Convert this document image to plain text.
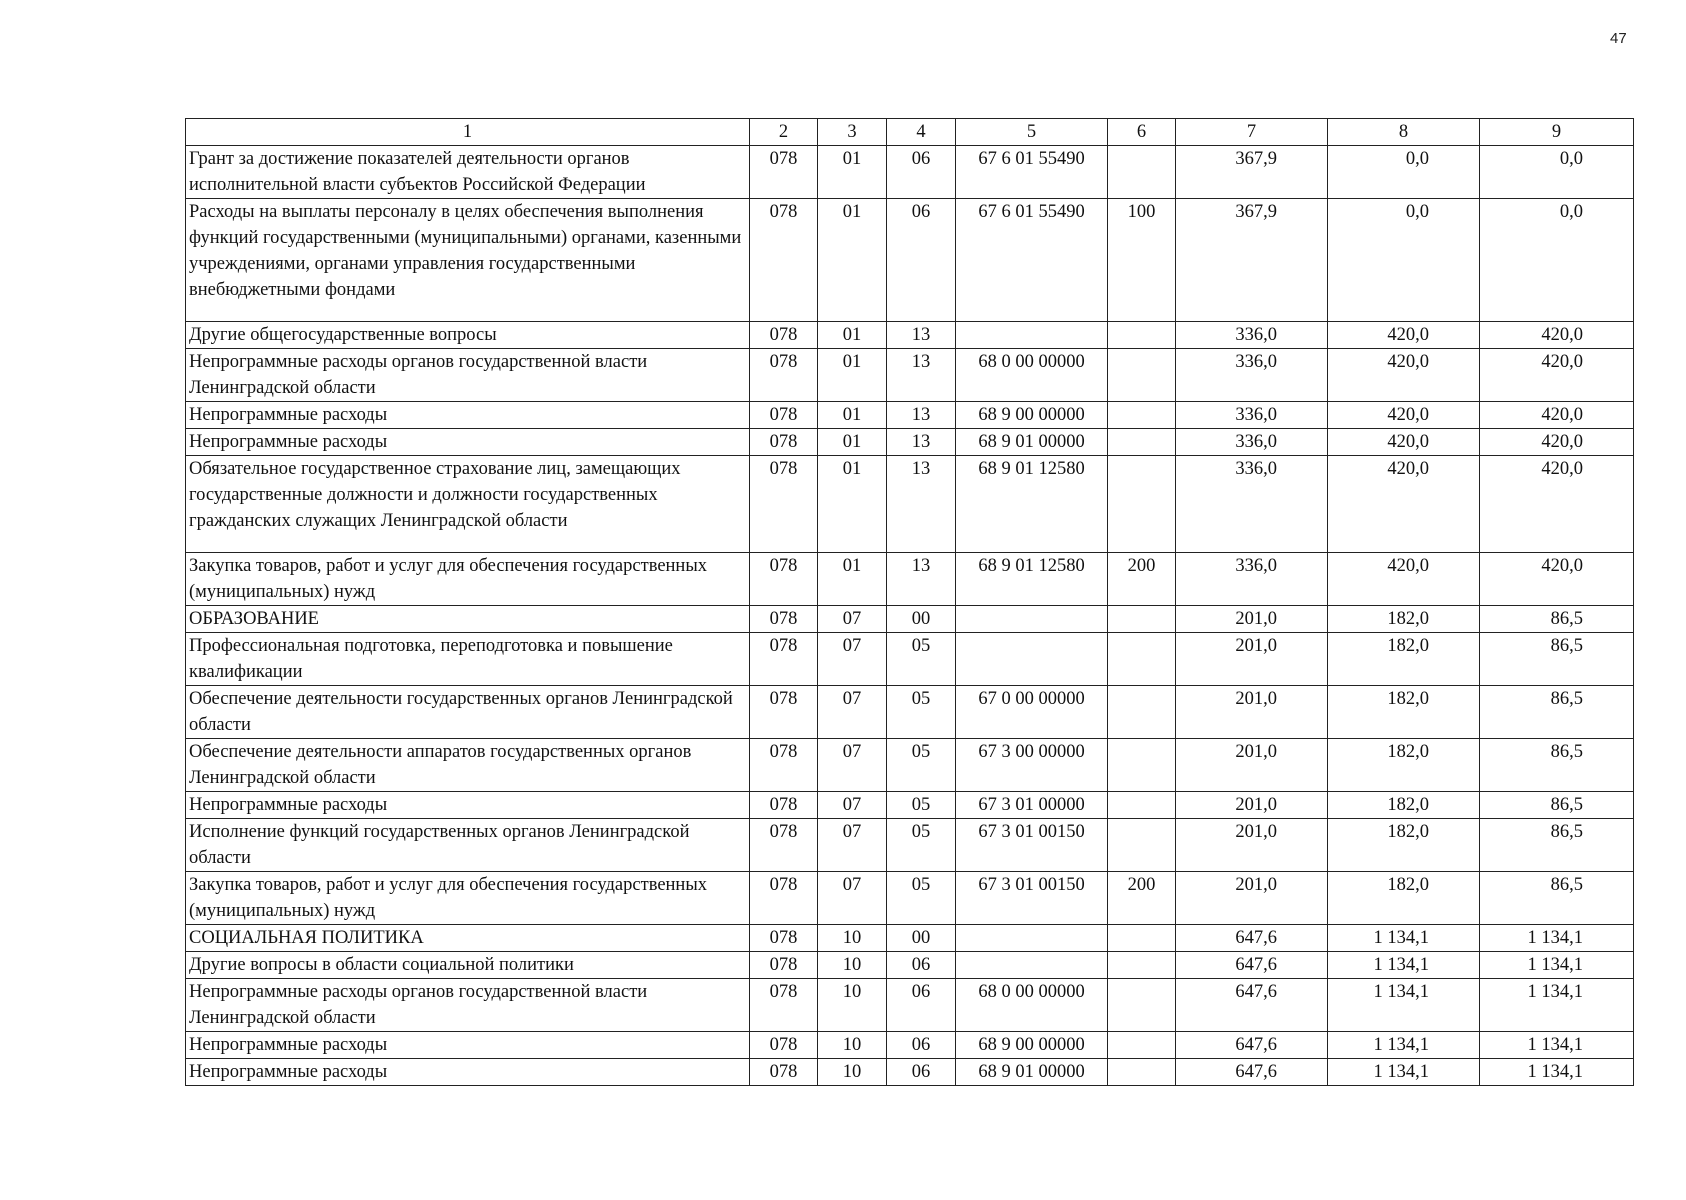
47
1	2	3	4	5	6	7	8	9
Грант за достижение показателей деятельности органов исполнительной власти субъектов Российской Федерации	078	01	06	67 6 01 55490		367,9	0,0	0,0
Расходы на выплаты персоналу в целях обеспечения выполнения функций государственными (муниципальными) органами, казенными учреждениями, органами управления государственными внебюджетными фондами	078	01	06	67 6 01 55490	100	367,9	0,0	0,0
Другие общегосударственные вопросы	078	01	13			336,0	420,0	420,0
Непрограммные расходы органов государственной власти Ленинградской области	078	01	13	68 0 00 00000		336,0	420,0	420,0
Непрограммные расходы	078	01	13	68 9 00 00000		336,0	420,0	420,0
Непрограммные расходы	078	01	13	68 9 01 00000		336,0	420,0	420,0
Обязательное государственное страхование лиц, замещающих государственные должности и должности государственных гражданских служащих Ленинградской области	078	01	13	68 9 01 12580		336,0	420,0	420,0
Закупка товаров, работ и услуг для обеспечения государственных (муниципальных) нужд	078	01	13	68 9 01 12580	200	336,0	420,0	420,0
ОБРАЗОВАНИЕ	078	07	00			201,0	182,0	86,5
Профессиональная подготовка, переподготовка и повышение квалификации	078	07	05			201,0	182,0	86,5
Обеспечение деятельности государственных органов Ленинградской области	078	07	05	67 0 00 00000		201,0	182,0	86,5
Обеспечение деятельности аппаратов государственных органов Ленинградской области	078	07	05	67 3 00 00000		201,0	182,0	86,5
Непрограммные расходы	078	07	05	67 3 01 00000		201,0	182,0	86,5
Исполнение функций государственных органов Ленинградской области	078	07	05	67 3 01 00150		201,0	182,0	86,5
Закупка товаров, работ и услуг для обеспечения государственных (муниципальных) нужд	078	07	05	67 3 01 00150	200	201,0	182,0	86,5
СОЦИАЛЬНАЯ ПОЛИТИКА	078	10	00			647,6	1 134,1	1 134,1
Другие вопросы в области социальной политики	078	10	06			647,6	1 134,1	1 134,1
Непрограммные расходы органов государственной власти Ленинградской области	078	10	06	68 0 00 00000		647,6	1 134,1	1 134,1
Непрограммные расходы	078	10	06	68 9 00 00000		647,6	1 134,1	1 134,1
Непрограммные расходы	078	10	06	68 9 01 00000		647,6	1 134,1	1 134,1
